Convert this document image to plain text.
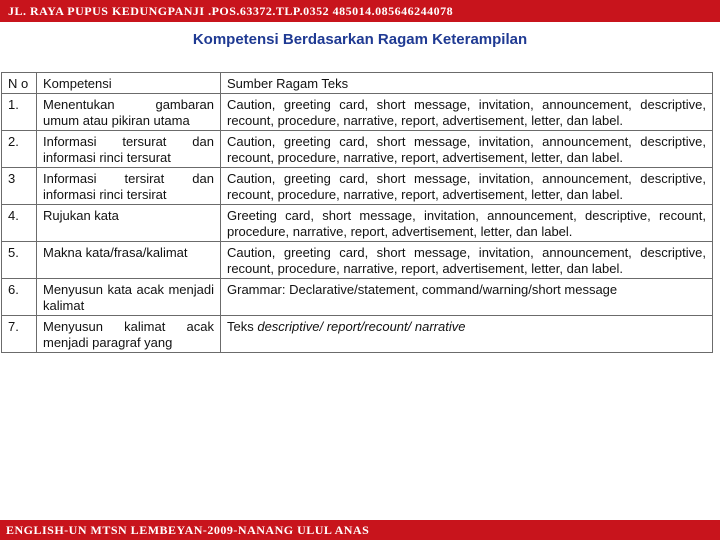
JL. RAYA PUPUS KEDUNGPANJI .POS.63372.TLP.0352 485014.085646244078
Kompetensi Berdasarkan Ragam Keterampilan
N o	Kompetensi	Sumber Ragam Teks
1.	Menentukan gambaran umum atau pikiran utama	Caution, greeting card, short message, invitation, announcement, descriptive, recount, procedure, narrative, report, advertisement, letter, dan label.
2.	Informasi tersurat dan informasi rinci tersurat	Caution, greeting card, short message, invitation, announcement, descriptive, recount, procedure, narrative, report, advertisement, letter, dan label.
3	Informasi tersirat dan informasi rinci tersirat	Caution, greeting card, short message, invitation, announcement, descriptive, recount, procedure, narrative, report, advertisement, letter, dan label.
4.	Rujukan kata	Greeting card, short message, invitation, announcement, descriptive, recount, procedure, narrative, report, advertisement, letter, dan label.
5.	Makna kata/frasa/kalimat	Caution, greeting card, short message, invitation, announcement, descriptive, recount, procedure, narrative, report, advertisement, letter, dan label.
6.	Menyusun kata acak menjadi kalimat	Grammar: Declarative/statement, command/warning/short message
7.	Menyusun kalimat acak menjadi paragraf yang	Teks descriptive/ report/recount/ narrative
ENGLISH-UN MTSN LEMBEYAN-2009-NANANG ULUL ANAS
